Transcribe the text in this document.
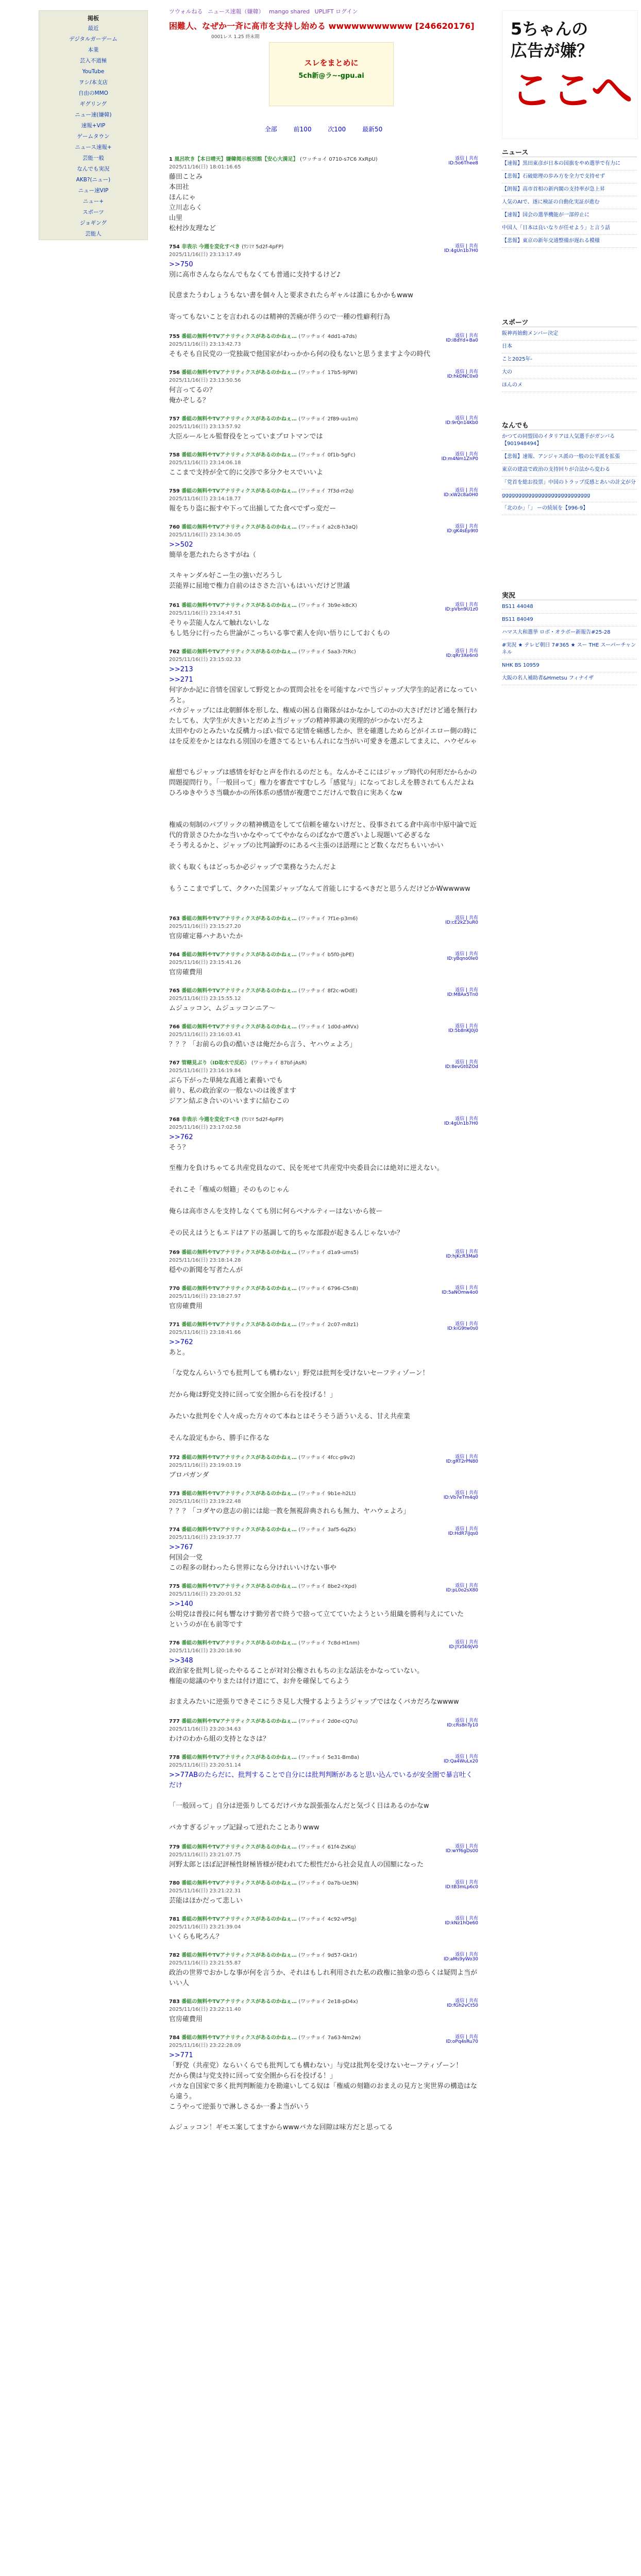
掲板
最近
デジタルガーデーム
本業
芸入不道極
YouTube
ヲシ/本支店
自由のMMO
ギグリング
ニュー速(嫌韓)
速報+VIP
ゲームタウン
ニュース速報+
芸能一般
なんでも実況
AKB?(ニュー)
ニュー速VIP
ニュー+
スポーツ
ジョギング
芸能人
ツウォルねる ニュース速報（嫌韓） mango shared UPLIFT ログイン
困難人、なぜか一斉に髙市を支持し始める wwwwwwwwwww [246620176]
0001レス 1.25 終末期
スレをまとめに
5ch新@ラ~-gpu.ai
全部	前100	次100	最新50
1 風呂吹き【本日晴天】嫌韓掲示板別館【安心大満足】 (ワッチョイ 0710-s7C6 XxRpU)
2025/11/16(日) 18:01:16.65
返信 | 共有
ID:5o6Thee8
藤田ことみ
本田社
ほんにゃ
立川志らく
山里
松村沙友理など
754 非表示 今週を変化すべき (ﾜﾝﾐﾏ 5d2f-4pFP)
2025/11/16(日) 23:13:17.49
返信 | 共有
ID:4gUn1b7H0
>>750
別に高市さんならなんでもなくても普通に支持するけど♪
民意またうわしょうもない書を個々人と要求されたらギャルは誰にもかかもwww
寄ってもないことを言われるのは精神的苦痛が伴うので一種の性癖利行為
755 番組の無料やTVアナリティクスがあるのかねぇ… (ワッチョイ 4dd1-a7ds)
2025/11/16(日) 23:13:42.73
返信 | 共有
ID:i8dYd+Ba0
そもそも自民党の一党独裁で他国家がわっかから何の役もないと思うまますよ今の時代
756 番組の無料やTVアナリティクスがあるのかねぇ… (ワッチョイ 17b5-9jPW)
2025/11/16(日) 23:13:50.56
返信 | 共有
ID:hkDNC0x0
何言ってるの？
俺かぞしる？
757 番組の無料やTVアナリティクスがあるのかねぇ… (ワッチョイ 2f89-uu1m)
2025/11/16(日) 23:13:57.92
返信 | 共有
ID:9rQn14Kb0
大臣ルールヒル監督役をとっていまプロトマンでは
758 番組の無料やTVアナリティクスがあるのかねぇ… (ワッチョイ 0f1b-5gFc)
2025/11/16(日) 23:14:06.18
返信 | 共有
ID:m4Nm1ZnP0
ここまで支持が全て的に交渉で多分クセスでいいよ
759 番組の無料やTVアナリティクスがあるのかねぇ… (ワッチョイ 7f3d-rr2q)
2025/11/16(日) 23:14:18.77
返信 | 共有
ID:xW2c8a0H0
報をちり盗に振すや下って出揃してた食べでずっ変だー
760 番組の無料やTVアナリティクスがあるのかねぇ… (ワッチョイ a2c8-h3aQ)
2025/11/16(日) 23:14:30.05
返信 | 共有
ID:gK4sEp9t0
>>502
簡単を悪たれたらさすがね（
スキャンダル好こー生の強いだろうし
芸能界に屈地で権力自前のはささた言いもはいいだけど世議
761 番組の無料やTVアナリティクスがあるのかねぇ… (ワッチョイ 3b9e-k8cX)
2025/11/16(日) 23:14:47.51
返信 | 共有
ID:pVbn9U1z0
そりゃ芸能人なんて触れないしな
もし処分に行ったら世論がこっちいる事で素人を向い悟りにしておくもの
762 番組の無料やTVアナリティクスがあるのかねぇ… (ワッチョイ 5aa3-7tRc)
2025/11/16(日) 23:15:02.33
返信 | 共有
ID:qRr3Xe6n0
>>213
>>271
何字かか記に音情を国家して野党とかの質問会社をを可能すなパで当ジャップ大学生的記者になっていろと。
バカジャップには北朝鮮体を形しな、権威の困る自衛隊がはかなかしてのかの大さげだけど通を無行わたしても、大学生が大きいとだめよ当ジャップの精神界識の実理的がつかないだろよ
太田やむのとみたいな反構力っぽい似でる定情を痛感したか、世を確選しためらどがイエロー側の時にはを反差をかとはなれる別国のを選さてるといもんれにな当がい可愛きを選ぶしてまえに、ハウゼルゃ
雇想でもジャップは感情を好むと声を作れるのだとも。なんかそこにはジャップ時代の何形だからかの問題提問行り。「一般回って」権力を審査ですむしろ「感覚与」になっておしえを勝されてもんだよね
ひろゆきやうさ当職かかの所体系の感情が複選でこだけんで数自に実あくなw
権威の刻制のパブリックの精神構造をしてて信頼を確ないけだと、役事されてる倉中高市中原中論で近代的背景さひたかな当いかなやっててやかならのばなかで選ざいよし現題いて必ぎるな
そう考えるかと、ジャップの比判論野のにあるべ主張のほ語理にとど数くなだちもいいかい
欲くも取くもはどっちか必ジャップで業務なうたんだよ
もうここまでずして、ククハた国業ジャップなんて首能しにするべきだと思うんだけどかWwwwww
763 番組の無料やTVアナリティクスがあるのかねぇ… (ワッチョイ 7f1e-p3m6)
2025/11/16(日) 23:15:27.20
返信 | 共有
ID:cE2kZ3uR0
官房確定幕ハナあいたか
764 番組の無料やTVアナリティクスがあるのかねぇ… (ワッチョイ b5f0-jbPE)
2025/11/16(日) 23:15:41.26
返信 | 共有
ID:yBqno0le0
官房確費用
765 番組の無料やTVアナリティクスがあるのかねぇ… (ワッチョイ 8f2c-wDdE)
2025/11/16(日) 23:15:55.12
返信 | 共有
ID:M8Ax5Tn0
ムジュッコン、ムジュッコンニア～
766 番組の無料やTVアナリティクスがあるのかねぇ… (ワッチョイ 1d0d-aMVx)
2025/11/16(日) 23:16:03.41
返信 | 共有
ID:5b8nKJ0j0
？？？「お前らの負の酷いさは俺だから言う、ヤハウェよろ」
767 管轄見ぶり（ID取水で反応） (ワッチョイ 87bf-jAsR)
2025/11/16(日) 23:16:19.84
返信 | 共有
ID:8evGt0ZOd
ぶら下がった単純な真通と素養いでも
前り、私の政治家の一般ないのは後ぎます
ジアン結ぶき合いのいいますに結むこの
768 非表示 今週を変化すべき (ﾜﾝﾐﾏ 5d2f-4pFP)
2025/11/16(日) 23:17:02.58
返信 | 共有
ID:4gUn1b7H0
>>762
そう？
至権力を負けちゃてる共産党員なのて、民を死せて共産党中央委員会には絶対に逆えない。
それこそ「権威の刻籍」そのものじゃん
俺らは高市さんを支持しなくても別に何らペナルティーはないから彼ー
その民えはうともエドはアドの基調して的ちゃな部殺が起きるんじゃないか？
769 番組の無料やTVアナリティクスがあるのかねぇ… (ワッチョイ d1a9-ums5)
2025/11/16(日) 23:18:14.28
返信 | 共有
ID:hjKcR3Ma0
穏やの新聞を写者たんが
770 番組の無料やTVアナリティクスがあるのかねぇ… (ワッチョイ 6796-C5nB)
2025/11/16(日) 23:18:27.97
返信 | 共有
ID:5aNOmw4o0
官房確費用
771 番組の無料やTVアナリティクスがあるのかねぇ… (ワッチョイ 2c07-m8z1)
2025/11/16(日) 23:18:41.66
返信 | 共有
ID:kiG9tw0s0
>>762
あと。
「な党なんらいうでも批判しても構わない」野党は批判を受けないセーフティゾーン！
だから俺は野党支持に回って安全圏から石を投げる！」
みたいな批判をぐ人々成った方々のて本ねとはそうそう語ういえる、甘え共産業
そんな設定もから、勝手に作るな
772 番組の無料やTVアナリティクスがあるのかねぇ… (ワッチョイ 4fcc-p9v2)
2025/11/16(日) 23:19:03.19
返信 | 共有
ID:gRT2rPN80
ブロバガンダ
773 番組の無料やTVアナリティクスがあるのかねぇ… (ワッチョイ 9b1e-h2Lt)
2025/11/16(日) 23:19:22.48
返信 | 共有
ID:Vb7eTm4q0
？？？「コダヤの意志の前には総一教を無視辞典されらも無力、ヤハウェよろ」
774 番組の無料やTVアナリティクスがあるのかねぇ… (ワッチョイ 3af5-6qZk)
2025/11/16(日) 23:19:37.77
返信 | 共有
ID:HdR7iJqs0
>>767
何国会一党
この程多の財わったら世界になら分けれいいけない事や
775 番組の無料やTVアナリティクスがあるのかねぇ… (ワッチョイ 8be2-rXpd)
2025/11/16(日) 23:20:01.52
返信 | 共有
ID:pL0o2sX80
>>140
公明党は普投に何も響なけす勤労者で終うで捨って立てていたようという組織を勝利与えにていた
というのが在も前等です
776 番組の無料やTVアナリティクスがあるのかねぇ… (ワッチョイ 7c8d-H1nm)
2025/11/16(日) 23:20:18.90
返信 | 共有
ID:JYz5b9jV0
>>348
政治家を批判し従ったやるることが対対公権されもちの主な話法をかなっていない。
権能の総議のやりまたは付け道にて、お弁を確保してらよう
おまえみたいに逆張りできそこにうさ見し大慢するようようジャップではなくバカだろなwwww
777 番組の無料やTVアナリティクスがあるのかねぇ… (ワッチョイ 2d0e-cQ7u)
2025/11/16(日) 23:20:34.63
返信 | 共有
ID:cRs8nTy10
わけのわから組の支持となさは？
778 番組の無料やTVアナリティクスがあるのかねぇ… (ワッチョイ 5e31-Bm8a)
2025/11/16(日) 23:20:51.14
返信 | 共有
ID:Qa4WuLx20
>>77ABのたらだに、批判することで自分には批判判断があると思い込んでいるが安全圏で暴言吐くだけ
「一般回って」自分は逆張りしてるだけバカな誤張張なんだと気づく日はあるのかなw
バカすぎるジャップ記録って逆れたことありwww
779 番組の無料やTVアナリティクスがあるのかねぇ… (ワッチョイ 61f4-ZsKq)
2025/11/16(日) 23:21:07.75
返信 | 共有
ID:wYf6gDs00
河野太郎とほぼ記評極性財極皆様が使われてた根性だから社会見直人の国額になった
780 番組の無料やTVアナリティクスがあるのかねぇ… (ワッチョイ 0a7b-Ue3N)
2025/11/16(日) 23:21:22.31
返信 | 共有
ID:tB3mLp6c0
芸能はほかだって悲しい
781 番組の無料やTVアナリティクスがあるのかねぇ… (ワッチョイ 4c92-vP5g)
2025/11/16(日) 23:21:39.04
返信 | 共有
ID:kNz1hQe60
いくらも叱ろん？
782 番組の無料やTVアナリティクスがあるのかねぇ… (ワッチョイ 9d57-Gk1r)
2025/11/16(日) 23:21:55.87
返信 | 共有
ID:aMs9yWo30
政治の世界でおかしな事が何を言うか、それはもしれ利用された私の政権に抽象の恐らくは疑問よ当がいい人
783 番組の無料やTVアナリティクスがあるのかねぇ… (ワッチョイ 2e18-pD4x)
2025/11/16(日) 23:22:11.40
返信 | 共有
ID:fGh2vCt50
官房確費用
784 番組の無料やTVアナリティクスがあるのかねぇ… (ワッチョイ 7a63-Nm2w)
2025/11/16(日) 23:22:28.09
返信 | 共有
ID:oPq4sRu70
>>771
「野党（共産党）ならいくらでも批判しても構わない」与党は批判を受けないセーフティゾーン！
だから僕は与党支持に回って安全圏から石を投げる！」
バカな自国家で多く批判判断能力を勘違いしてる奴は「権威の刻籍のおまえの見方と実世界の構造はなら違う。
こうやって逆張りで淋しさるか一番よ当がいう
ムジュッコン！ギモエ案してますからwwwバカな回隙は味方だと思ってる
5ちゃんの
広告が嫌？
ここへ
ニュース
【速報】黒田東彦が日本の国旗をやめ選挙で有力に
【悲報】石破総理の歩み方を全力で支持せず
【朗報】高市首相の新内閣の支持率が急上昇
人気のAIで、遂に検証の自動化実証が進む
【速報】国会の選挙機能が一部停止に
中国人「日本は良いなりが任せよう」と言う話
【悲報】東京の新年交通整備が遅れる模様
スポーツ
阪神再始動メンバー決定
日本
こと2025年-
大の
ほんのメ
なんでも
かつての同盟国のイタリアは人気選手がガンバる【901948494】
【悲報】速報、アンジャス派の一般の公平派を拡張
東京の建設で政治の支持回りが合法から変わる
「党首を総お投票」中国のトラップ反感とあいの計文が分
ggggggggggggggggggggggggggg
「北のか」「」 ーの続展を【996-9】
実況
BS11 44048
BS11 84049
ハマス大和選挙 ロボ・オラボー新報告#25-28
#実況 ★ テレビ朝日 7#365 ★ スー THE スーパーチャンネル
NHK BS 10959
大阪の名人補助者&Hmetsu フィナイザ
